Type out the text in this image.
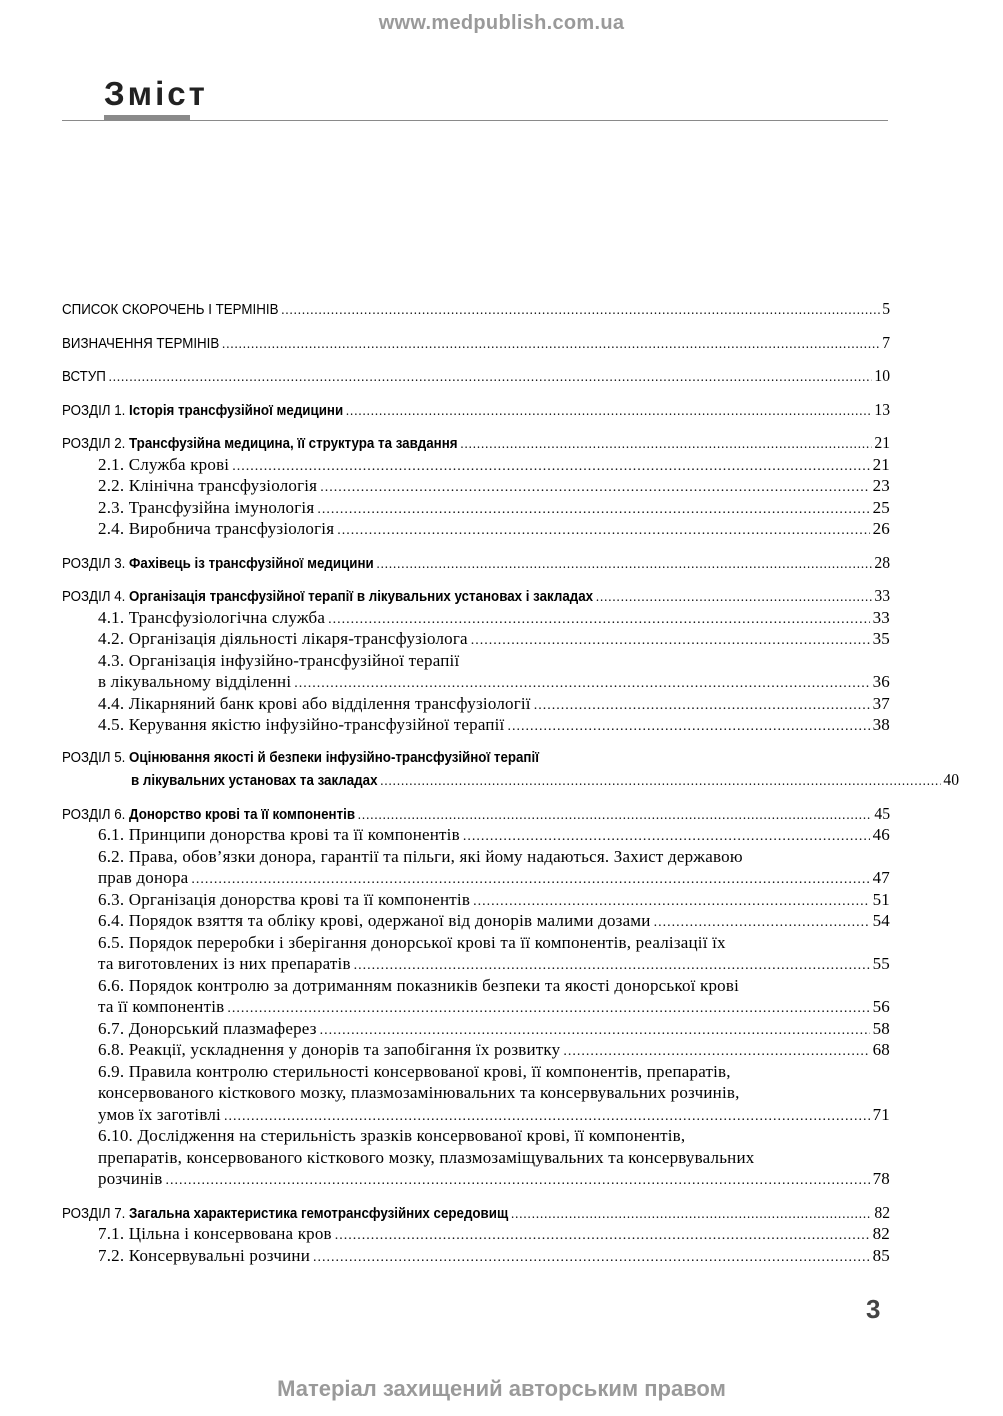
www.medpublish.com.ua
Зміст
СПИСОК СКОРОЧЕНЬ І ТЕРМІНІВ .....	5
ВИЗНАЧЕННЯ ТЕРМІНІВ .....	7
ВСТУП .....	10
РОЗДІЛ 1. Історія трансфузійної медицини .....	13
РОЗДІЛ 2. Трансфузійна медицина, її структура та завдання .....	21
2.1. Служба крові .....	21
2.2. Клінічна трансфузіологія .....	23
2.3. Трансфузійна імунологія .....	25
2.4. Виробнича трансфузіологія .....	26
РОЗДІЛ 3. Фахівець із трансфузійної медицини .....	28
РОЗДІЛ 4. Організація трансфузійної терапії в лікувальних установах і закладах .....	33
4.1. Трансфузіологічна служба .....	33
4.2. Організація діяльності лікаря-трансфузіолога .....	35
4.3. Організація інфузійно-трансфузійної терапії
в лікувальному відділенні .....	36
4.4. Лікарняний банк крові або відділення трансфузіології .....	37
4.5. Керування якістю інфузійно-трансфузійної терапії .....	38
РОЗДІЛ 5. Оцінювання якості й безпеки інфузійно-трансфузійної терапії
в лікувальних установах та закладах .....	40
РОЗДІЛ 6. Донорство крові та її компонентів .....	45
6.1. Принципи донорства крові та її компонентів .....	46
6.2. Права, обов’язки донора, гарантії та пільги, які йому надаються. Захист державою
прав донора .....	47
6.3. Організація донорства крові та її компонентів .....	51
6.4. Порядок взяття та обліку крові, одержаної від донорів малими дозами .....	54
6.5. Порядок переробки і зберігання донорської крові та її компонентів, реалізації їх
та виготовлених із них препаратів .....	55
6.6. Порядок контролю за дотриманням показників безпеки та якості донорської крові
та її компонентів .....	56
6.7. Донорський плазмаферез .....	58
6.8. Реакції, ускладнення у донорів та запобігання їх розвитку .....	68
6.9. Правила контролю стерильності консервованої крові, її компонентів, препаратів,
консервованого кісткового мозку, плазмозамінювальних та консервувальних розчинів,
умов їх заготівлі .....	71
6.10. Дослідження на стерильність зразків консервованої крові, її компонентів,
препаратів, консервованого кісткового мозку, плазмозаміщувальних та консервувальних
розчинів .....	78
РОЗДІЛ 7. Загальна характеристика гемотрансфузійних середовищ .....	82
7.1. Цільна і консервована кров .....	82
7.2. Консервувальні розчини .....	85
3
Матеріал захищений авторським правом
